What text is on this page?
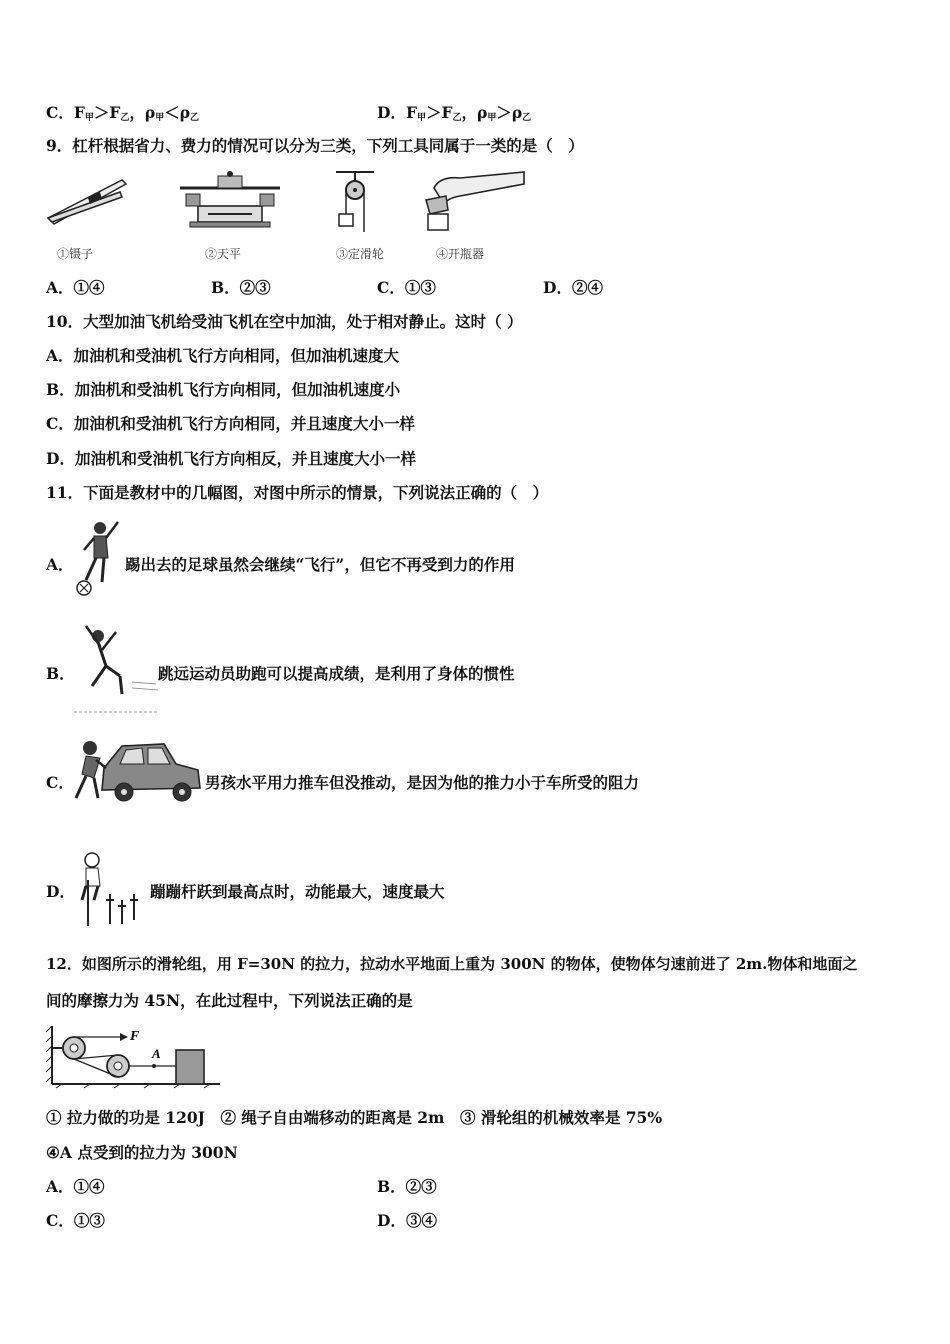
C．$F_甲>F_乙$，$\rho_甲<\rho_乙$	D．$F_甲>F_乙$，$\rho_甲>\rho_乙$
9．杠杆根据省力、费力的情况可以分为三类，下列工具同属于一类的是（　）
①镊子	②天平	③定滑轮	④开瓶器
A．①④	B．②③	C．①③	D．②④
10．大型加油飞机给受油飞机在空中加油，处于相对静止。这时（ ）
A．加油机和受油机飞行方向相同，但加油机速度大
B．加油机和受油机飞行方向相同，但加油机速度小
C．加油机和受油机飞行方向相同，并且速度大小一样
D．加油机和受油机飞行方向相反，并且速度大小一样
11．下面是教材中的几幅图，对图中所示的情景，下列说法正确的（　）
A．	踢出去的足球虽然会继续“飞行”，但它不再受到力的作用
B．	跳远运动员助跑可以提高成绩，是利用了身体的惯性
C．	男孩水平用力推车但没推动，是因为他的推力小于车所受的阻力
D．	蹦蹦杆跃到最高点时，动能最大，速度最大
12．如图所示的滑轮组，用 F=30N 的拉力，拉动水平地面上重为 300N 的物体，使物体匀速前进了 2m.物体和地面之
间的摩擦力为 45N，在此过程中，下列说法正确的是
F
A
① 拉力做的功是 120J　② 绳子自由端移动的距离是 2m　③ 滑轮组的机械效率是 75%
④A 点受到的拉力为 300N
A．①④	B．②③
C．①③	D．③④
